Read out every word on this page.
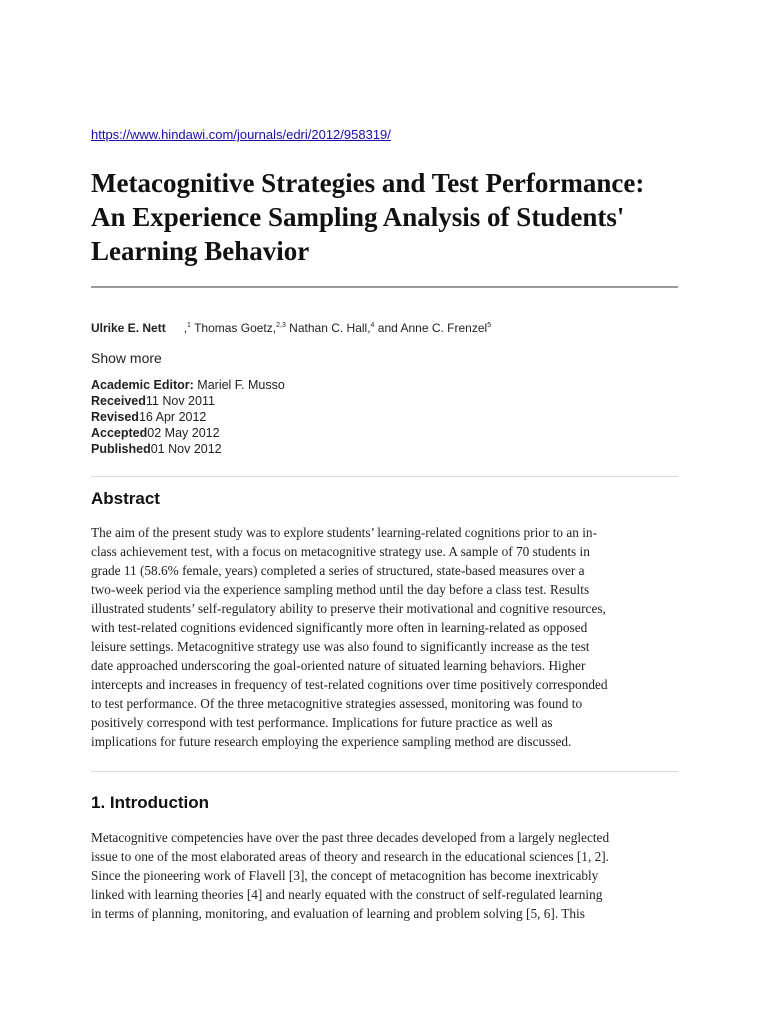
https://www.hindawi.com/journals/edri/2012/958319/
Metacognitive Strategies and Test Performance:
An Experience Sampling Analysis of Students'
Learning Behavior
Ulrike E. Nett ,$^1$ Thomas Goetz,$^{2,3}$ Nathan C. Hall,$^4$ and Anne C. Frenzel$^5$
Show more
Academic Editor: Mariel F. Musso
Received11 Nov 2011
Revised16 Apr 2012
Accepted02 May 2012
Published01 Nov 2012
Abstract
The aim of the present study was to explore students’ learning-related cognitions prior to an in-
class achievement test, with a focus on metacognitive strategy use. A sample of 70 students in
grade 11 (58.6% female, years) completed a series of structured, state-based measures over a
two-week period via the experience sampling method until the day before a class test. Results
illustrated students’ self-regulatory ability to preserve their motivational and cognitive resources,
with test-related cognitions evidenced significantly more often in learning-related as opposed
leisure settings. Metacognitive strategy use was also found to significantly increase as the test
date approached underscoring the goal-oriented nature of situated learning behaviors. Higher
intercepts and increases in frequency of test-related cognitions over time positively corresponded
to test performance. Of the three metacognitive strategies assessed, monitoring was found to
positively correspond with test performance. Implications for future practice as well as
implications for future research employing the experience sampling method are discussed.
1. Introduction
Metacognitive competencies have over the past three decades developed from a largely neglected
issue to one of the most elaborated areas of theory and research in the educational sciences [1, 2].
Since the pioneering work of Flavell [3], the concept of metacognition has become inextricably
linked with learning theories [4] and nearly equated with the construct of self-regulated learning
in terms of planning, monitoring, and evaluation of learning and problem solving [5, 6]. This
